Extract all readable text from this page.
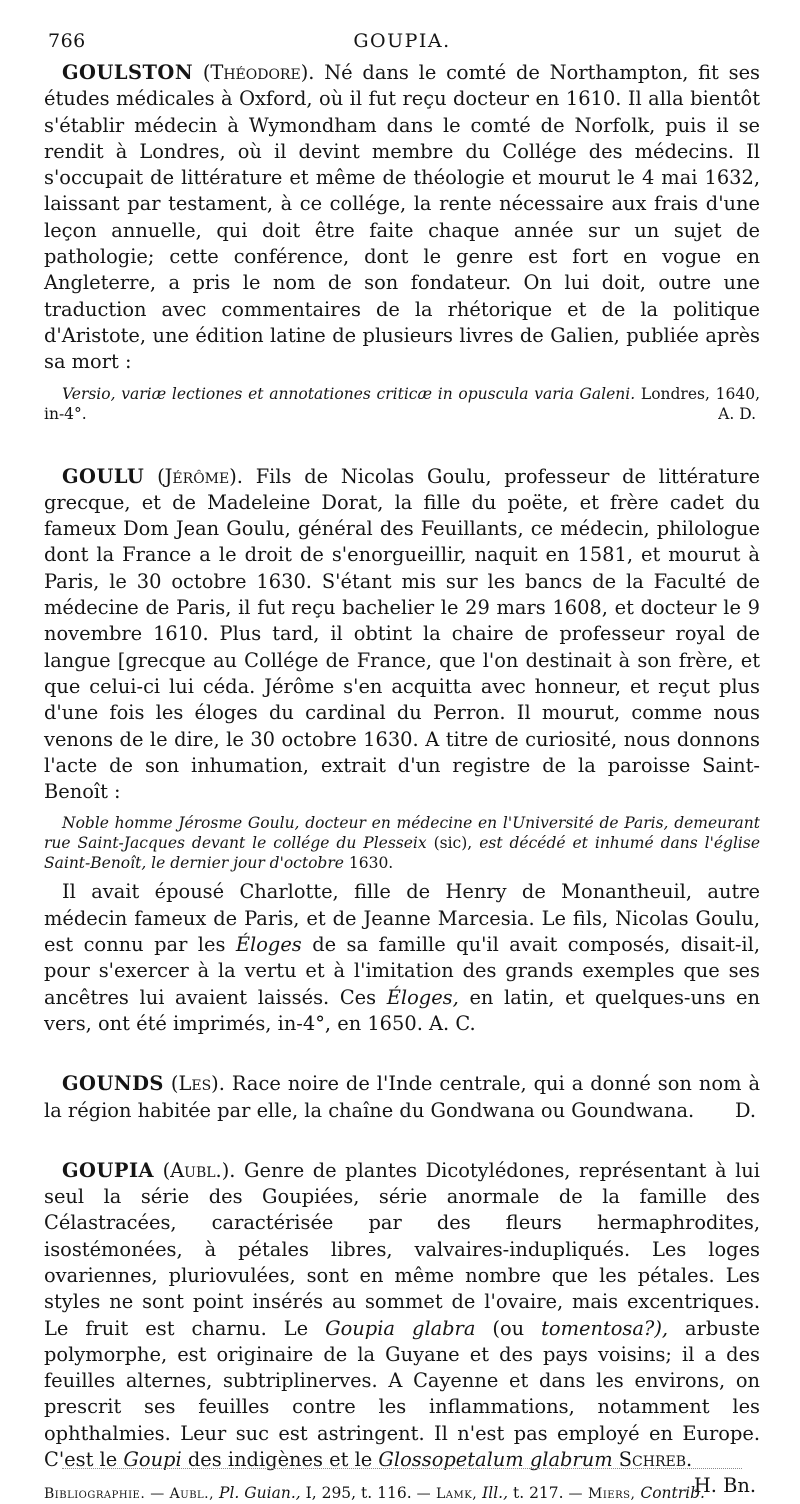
766	GOUPIA.

GOULSTON (Théodore). Né dans le comté de Northampton, fit ses études médicales à Oxford, où il fut reçu docteur en 1610. Il alla bientôt s'établir médecin à Wymondham dans le comté de Norfolk, puis il se rendit à Londres, où il devint membre du Collége des médecins. Il s'occupait de littérature et même de théologie et mourut le 4 mai 1632, laissant par testament, à ce collége, la rente nécessaire aux frais d'une leçon annuelle, qui doit être faite chaque année sur un sujet de pathologie; cette conférence, dont le genre est fort en vogue en Angleterre, a pris le nom de son fondateur. On lui doit, outre une traduction avec commentaires de la rhétorique et de la politique d'Aristote, une édition latine de plusieurs livres de Galien, publiée après sa mort :

Versio, variæ lectiones et annotationes criticæ in opuscula varia Galeni. Londres, 1640, in-4°.	A. D.

GOULU (Jérôme). Fils de Nicolas Goulu, professeur de littérature grecque, et de Madeleine Dorat, la fille du poëte, et frère cadet du fameux Dom Jean Goulu, général des Feuillants, ce médecin, philologue dont la France a le droit de s'enorgueillir, naquit en 1581, et mourut à Paris, le 30 octobre 1630. S'étant mis sur les bancs de la Faculté de médecine de Paris, il fut reçu bachelier le 29 mars 1608, et docteur le 9 novembre 1610. Plus tard, il obtint la chaire de professeur royal de langue [grecque au Collége de France, que l'on destinait à son frère, et que celui-ci lui céda. Jérôme s'en acquitta avec honneur, et reçut plus d'une fois les éloges du cardinal du Perron. Il mourut, comme nous venons de le dire, le 30 octobre 1630. A titre de curiosité, nous donnons l'acte de son inhumation, extrait d'un registre de la paroisse Saint-Benoît :

Noble homme Jérosme Goulu, docteur en médecine en l'Université de Paris, demeurant rue Saint-Jacques devant le collége du Plesseix (sic), est décédé et inhumé dans l'église Saint-Benoît, le dernier jour d'octobre 1630.

Il avait épousé Charlotte, fille de Henry de Monantheuil, autre médecin fameux de Paris, et de Jeanne Marcesia. Le fils, Nicolas Goulu, est connu par les Éloges de sa famille qu'il avait composés, disait-il, pour s'exercer à la vertu et à l'imitation des grands exemples que ses ancêtres lui avaient laissés. Ces Éloges, en latin, et quelques-uns en vers, ont été imprimés, in-4°, en 1650. A. C.

GOUNDS (Les). Race noire de l'Inde centrale, qui a donné son nom à la région habitée par elle, la chaîne du Gondwana ou Goundwana.	D.

GOUPIA (Aubl.). Genre de plantes Dicotylédones, représentant à lui seul la série des Goupiées, série anormale de la famille des Célastracées, caractérisée par des fleurs hermaphrodites, isostémonées, à pétales libres, valvaires-indupliqués. Les loges ovariennes, pluriovulées, sont en même nombre que les pétales. Les styles ne sont point insérés au sommet de l'ovaire, mais excentriques. Le fruit est charnu. Le Goupia glabra (ou tomentosa?), arbuste polymorphe, est originaire de la Guyane et des pays voisins; il a des feuilles alternes, subtriplinerves. A Cayenne et dans les environs, on prescrit ses feuilles contre les inflammations, notamment les ophthalmies. Leur suc est astringent. Il n'est pas employé en Europe. C'est le Goupi des indigènes et le Glossopetalum glabrum Schreb.
H. Bn.

Bibliographie. — Aubl., Pl. Guian., I, 295, t. 116. — Lamk, Ill., t. 217. — Miers, Contrib.
